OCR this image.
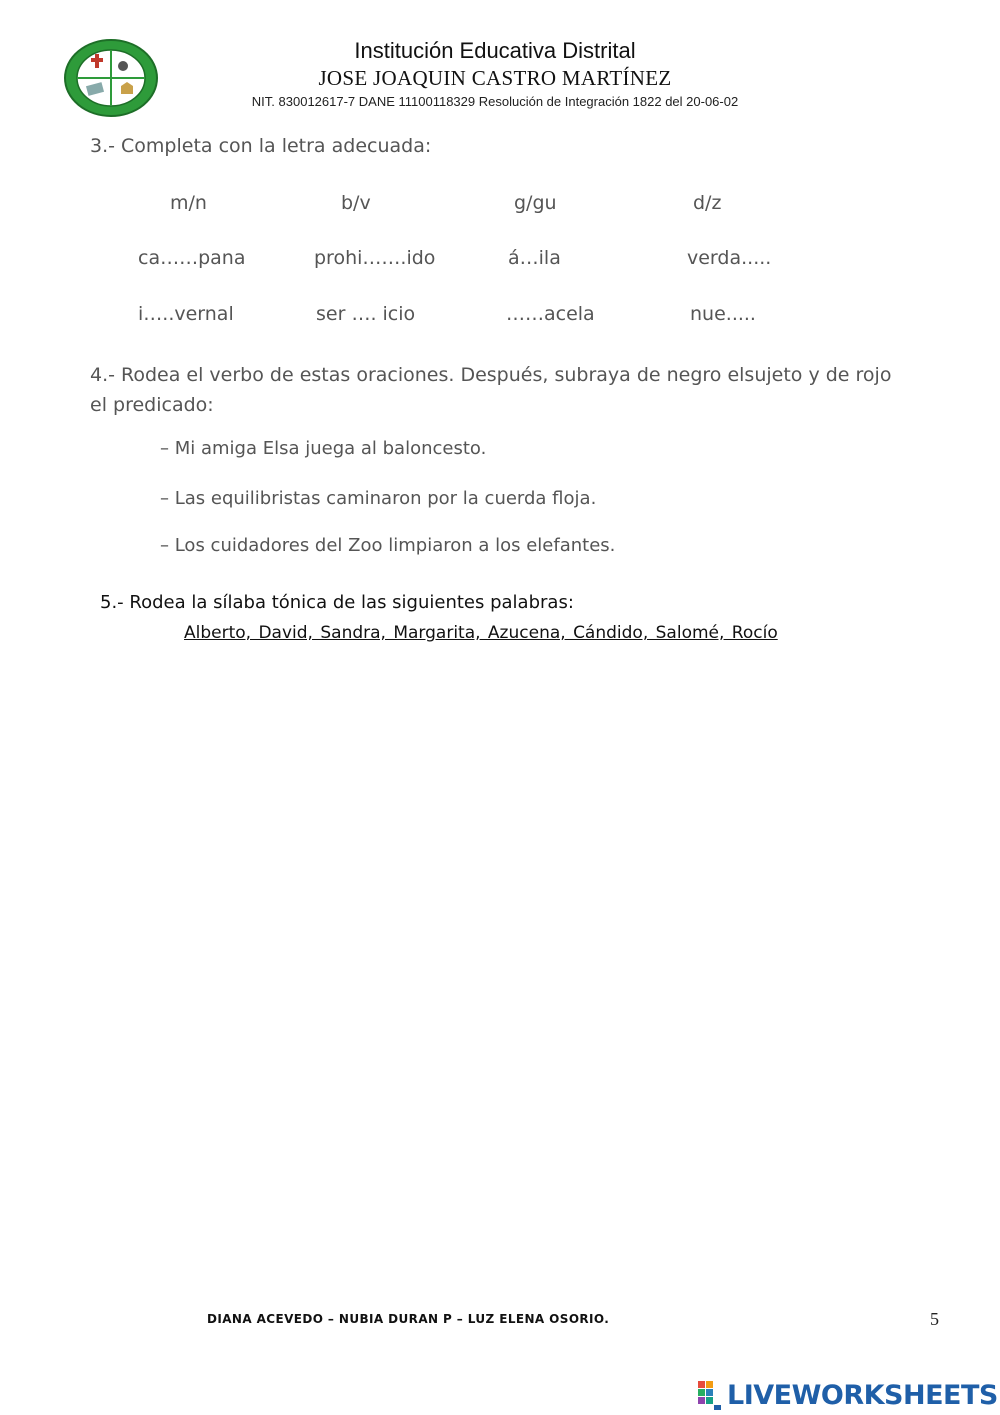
Institución Educativa Distrital
JOSE JOAQUIN CASTRO MARTÍNEZ
NIT. 830012617-7 DANE 11100118329 Resolución de Integración 1822 del 20-06-02
3.- Completa con la letra adecuada:
m/n	b/v	g/gu	d/z
ca……pana	prohi…….ido	á…ila	verda.....
i…..vernal	ser …. icio	……acela	nue.....
4.- Rodea el verbo de estas oraciones. Después, subraya de negro elsujeto y de rojo el predicado:
– Mi amiga Elsa juega al baloncesto.
– Las equilibristas caminaron por la cuerda floja.
– Los cuidadores del Zoo limpiaron a los elefantes.
5.- Rodea la sílaba tónica de las siguientes palabras:
Alberto, David, Sandra, Margarita, Azucena, Cándido, Salomé, Rocío
DIANA ACEVEDO – NUBIA DURAN P – LUZ ELENA OSORIO.	5
LIVEWORKSHEETS
